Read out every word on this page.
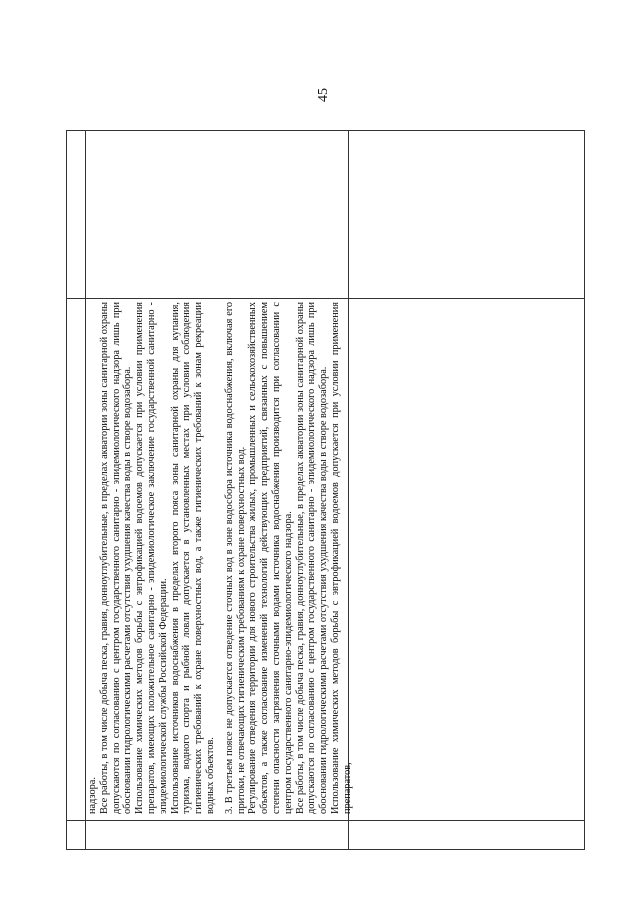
45

надзора. Все работы, в том числе добыча песка, гравия, донноуглубительные, в пределах акватории зоны санитарной охраны допускаются по согласованию с центром государственного санитарно - эпидемиологического надзора лишь при обосновании гидрологическими расчетами отсутствия ухудшения качества воды в створе водозабора. Использование химических методов борьбы с эвтрофикацией водоемов допускается при условии применения препаратов, имеющих положительное санитарно - эпидемиологическое заключение государственной санитарно - эпидемиологической службы Российской Федерации. Использование источников водоснабжения в пределах второго пояса зоны санитарной охраны для купания, туризма, водного спорта и рыбной ловли допускается в установленных местах при условии соблюдения гигиенических требований к охране поверхностных вод, а также гигиенических требований к зонам рекреации водных объектов. 3. В третьем поясе не допускается отведение сточных вод в зоне водосбора источника водоснабжения, включая его притоки, не отвечающих гигиеническим требованиям к охране поверхностных вод. Регулирование отведения территории для нового строительства жилых, промышленных и сельскохозяйственных объектов, а также согласование изменений технологий действующих предприятий, связанных с повышением степени опасности загрязнения сточными водами источника водоснабжения производится при согласовании с центром государственного санитарно-эпидемиологического надзора. Все работы, в том числе добыча песка, гравия, донноуглубительные, в пределах акватории зоны санитарной охраны допускаются по согласованию с центром государственного санитарно - эпидемиологического надзора лишь при обосновании гидрологическими расчетами отсутствия ухудшения качества воды в створе водозабора. Использование химических методов борьбы с эвтрофикацией водоемов допускается при условии применения препаратов,
